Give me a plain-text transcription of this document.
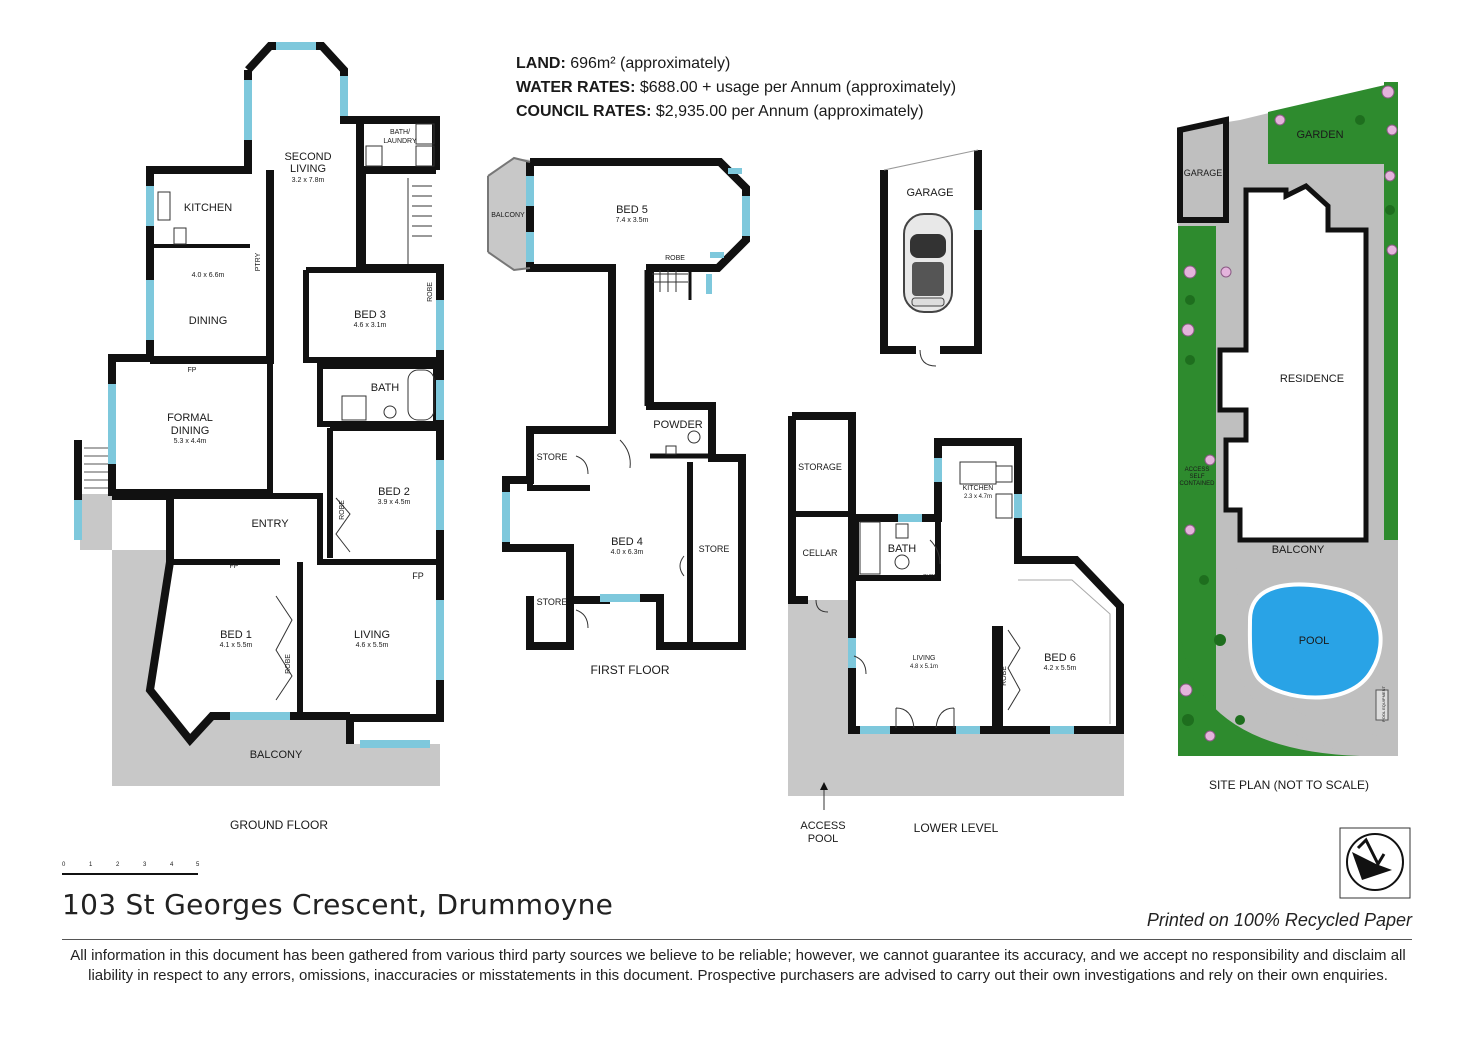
SECOND
LIVING
3.2 x 7.8m
BATH/
LAUNDRY
KITCHEN
PTRY
4.0 x 6.6m
DINING	BED 3
4.6 x 3.1m
ROBE
FP
BATH
FORMAL
DINING
5.3 x 4.4m
BED 2
3.9 x 4.5m
ROBE
ENTRY
FP
FP
BED 1
4.1 x 5.5m
ROBE
LIVING
4.6 x 5.5m
BALCONY
GROUND FLOOR
BALCONY	BED 5
7.4 x 3.5m
ROBE
POWDER
STORE
BED 4
4.0 x 6.3m	STORE
STORE
FIRST FLOOR
GARAGE
STORAGE
CELLAR
KITCHEN
2.3 x 4.7m
BATH
CUPD
LIVING
4.8 x 5.1m	ROBE
BED 6
4.2 x 5.5m
ACCESS
POOL
LOWER LEVEL
GARDEN
GARAGE
RESIDENCE
ACCESS
SELF
CONTAINED
BALCONY
POOL
POOL EQUIPMENT
SITE PLAN (NOT TO SCALE)
0	1	2	3	4	5
LAND: 696m² (approximately)
WATER RATES: $688.00 + usage per Annum (approximately)
COUNCIL RATES: $2,935.00 per Annum (approximately)
103 St Georges Crescent, Drummoyne	Printed on 100% Recycled Paper
All information in this document has been gathered from various third party sources we believe to be reliable; however, we cannot guarantee its accuracy, and we accept no responsibility and disclaim all liability in respect to any errors, omissions, inaccuracies or misstatements in this document. Prospective purchasers are advised to carry out their own investigations and rely on their own enquiries.
